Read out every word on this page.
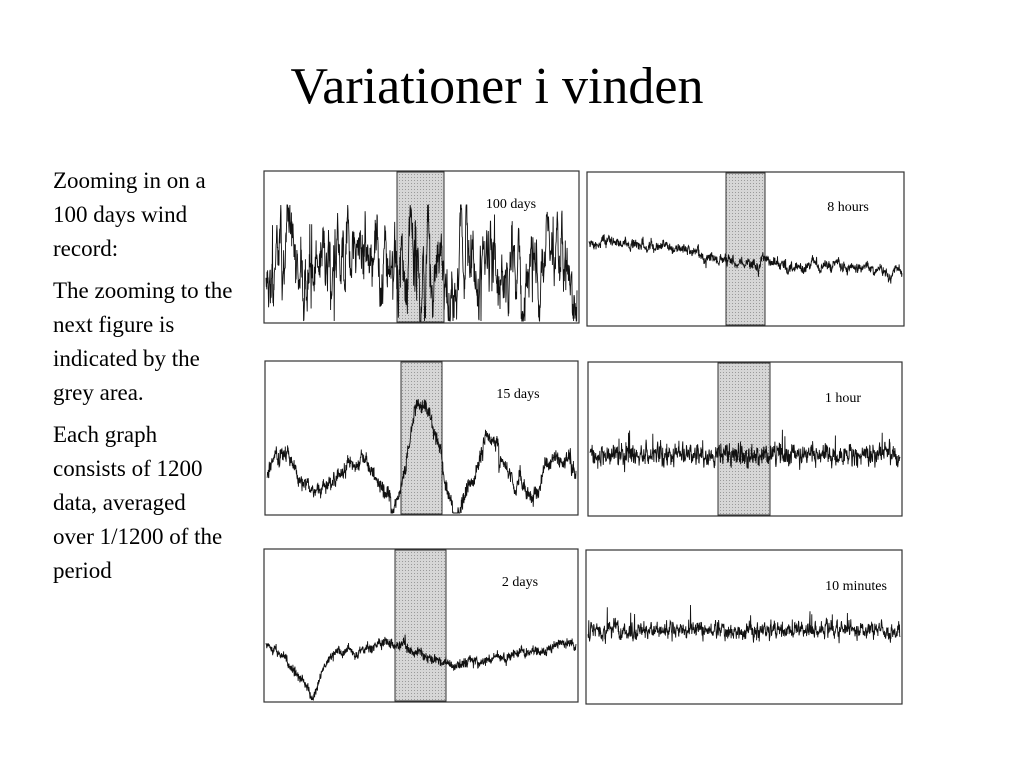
Variationer i vinden

Zooming in on a 100 days wind record:

The zooming to the next figure is indicated by the grey area.

Each graph consists of 1200 data, averaged  over 1/1200 of the period

100 days	8 hours
15 days	1 hour
2 days	10 minutes
